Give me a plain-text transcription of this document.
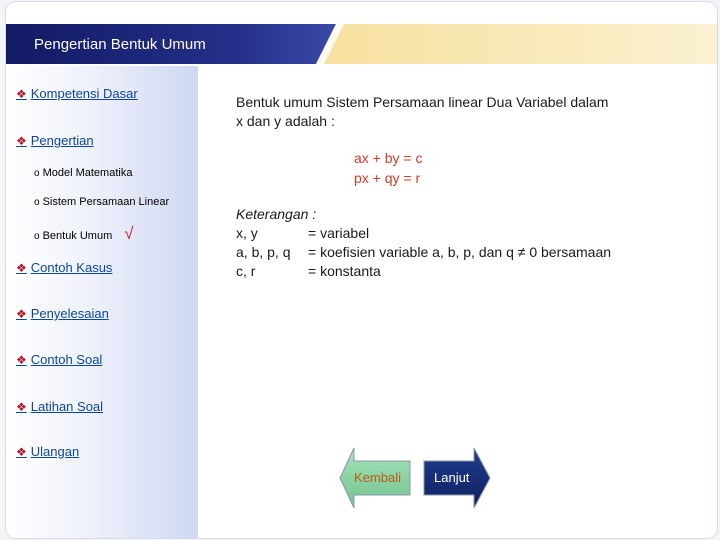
Pengertian Bentuk Umum
❖ Kompetensi Dasar
❖ Pengertian
o Model Matematika
o Sistem Persamaan Linear
o Bentuk Umum √
❖ Contoh Kasus
❖ Penyelesaian
❖ Contoh Soal
❖ Latihan Soal
❖ Ulangan
Bentuk umum Sistem Persamaan linear Dua Variabel dalam
x dan y adalah :
ax + by = c
px + qy = r
Keterangan :
x, y	= variabel
a, b, p, q	= koefisien variable a, b, p, dan q ≠ 0 bersamaan
c, r	= konstanta
Kembali	Lanjut
